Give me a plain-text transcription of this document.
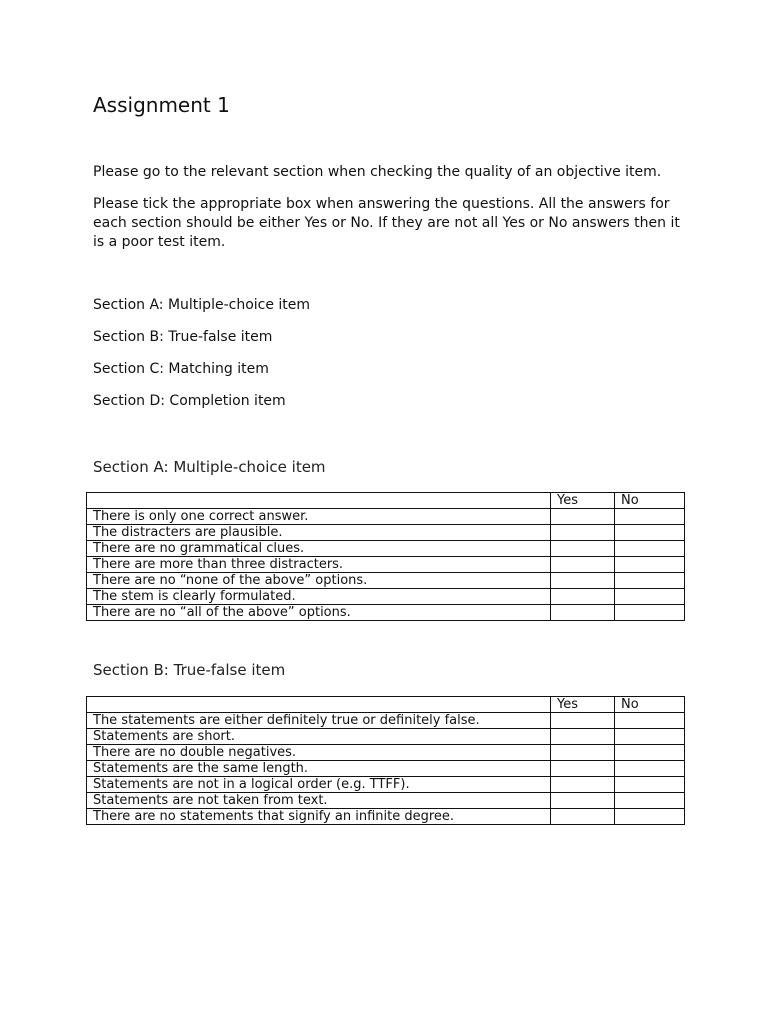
Assignment 1

Please go to the relevant section when checking the quality of an objective item.

Please tick the appropriate box when answering the questions. All the answers for each section should be either Yes or No. If they are not all Yes or No answers then it is a poor test item.

Section A: Multiple-choice item
Section B: True-false item
Section C: Matching item
Section D: Completion item
Section A: Multiple-choice item
	Yes	No
There is only one correct answer.		
The distracters are plausible.		
There are no grammatical clues.		
There are more than three distracters.		
There are no “none of the above” options.		
The stem is clearly formulated.		
There are no “all of the above” options.		
Section B: True-false item
	Yes	No
The statements are either definitely true or definitely false.		
Statements are short.		
There are no double negatives.		
Statements are the same length.		
Statements are not in a logical order (e.g. TTFF).		
Statements are not taken from text.		
There are no statements that signify an infinite degree.		
